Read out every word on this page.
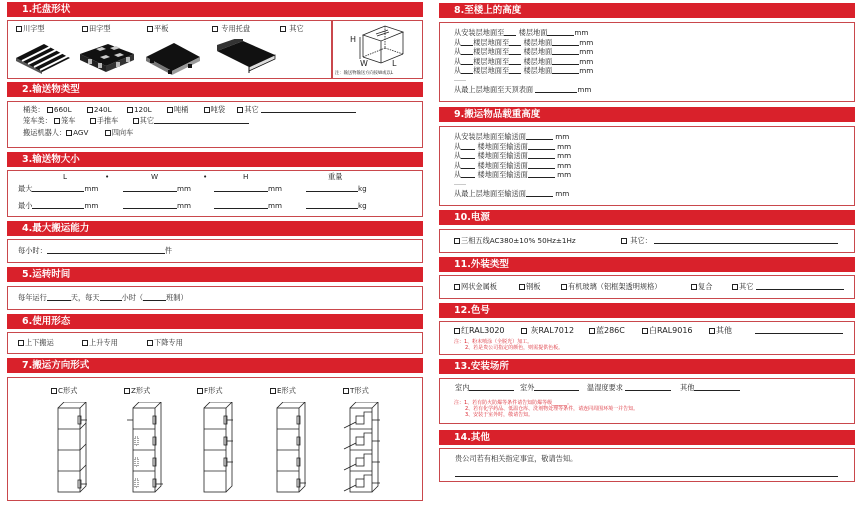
1.托盘形状
川字型	田字型	平板	专用托盘	其它
H
W	L
注：输送物输送方向按W或以L
2.输送物类型
桶类： 660L	240L	120L	吨桶	吨袋	其它
笼车类： 笼车	手推车	其它
搬运机器人： AGV	四向车
3.输送物大小
L	•	W	•	H	重量
最大	mm	mm	mm	kg
最小	mm	mm	mm	kg
4.最大搬运能力
每小时：	件
5.运转时间
每年运行	天，每天	小时（	班制）
6.使用形态
上下搬运	上升专用	下降专用
7.搬运方向形式
C形式	Z形式	F形式	E形式	T形式
8.至楼上的高度
从安装层地面至 楼层地面	mm
从 楼层地面至 楼层地面	mm
从 楼层地面至 楼层地面	mm
从 楼层地面至 楼层地面	mm
从 楼层地面至 楼层地面	mm
……
从最上层地面至天顶表面	mm
9.搬运物品载重高度
从安装层地面至输送面	mm
从 楼地面至输送面	mm
从 楼地面至输送面	mm
从 楼地面至输送面	mm
从 楼地面至输送面	mm
……
从最上层地面至输送面	mm
10.电源
三相五线AC380±10% 50Hz±1Hz	其它：
11.外装类型
网状金属板	钢板	有机玻璃（铝框架透明规格）	复合	其它
12.色号
红RAL3020	灰RAL7012	蓝286C	白RAL9016	其他
注：1、粉末喷涂（全脱光）加工。
2、若是贵公司指定的颜色，则需提供色板。
13.安装场所
室内	室外	温湿度要求	其他
注：1、若有防火防爆等条件请告知防爆等级______。
2、若有化学药品、低温仓库、洗剂物处理等条件，请连同周围环境一并告知。
3、安装于室外时，敬请告知。
14.其他
贵公司若有相关指定事宜，敬请告知。
